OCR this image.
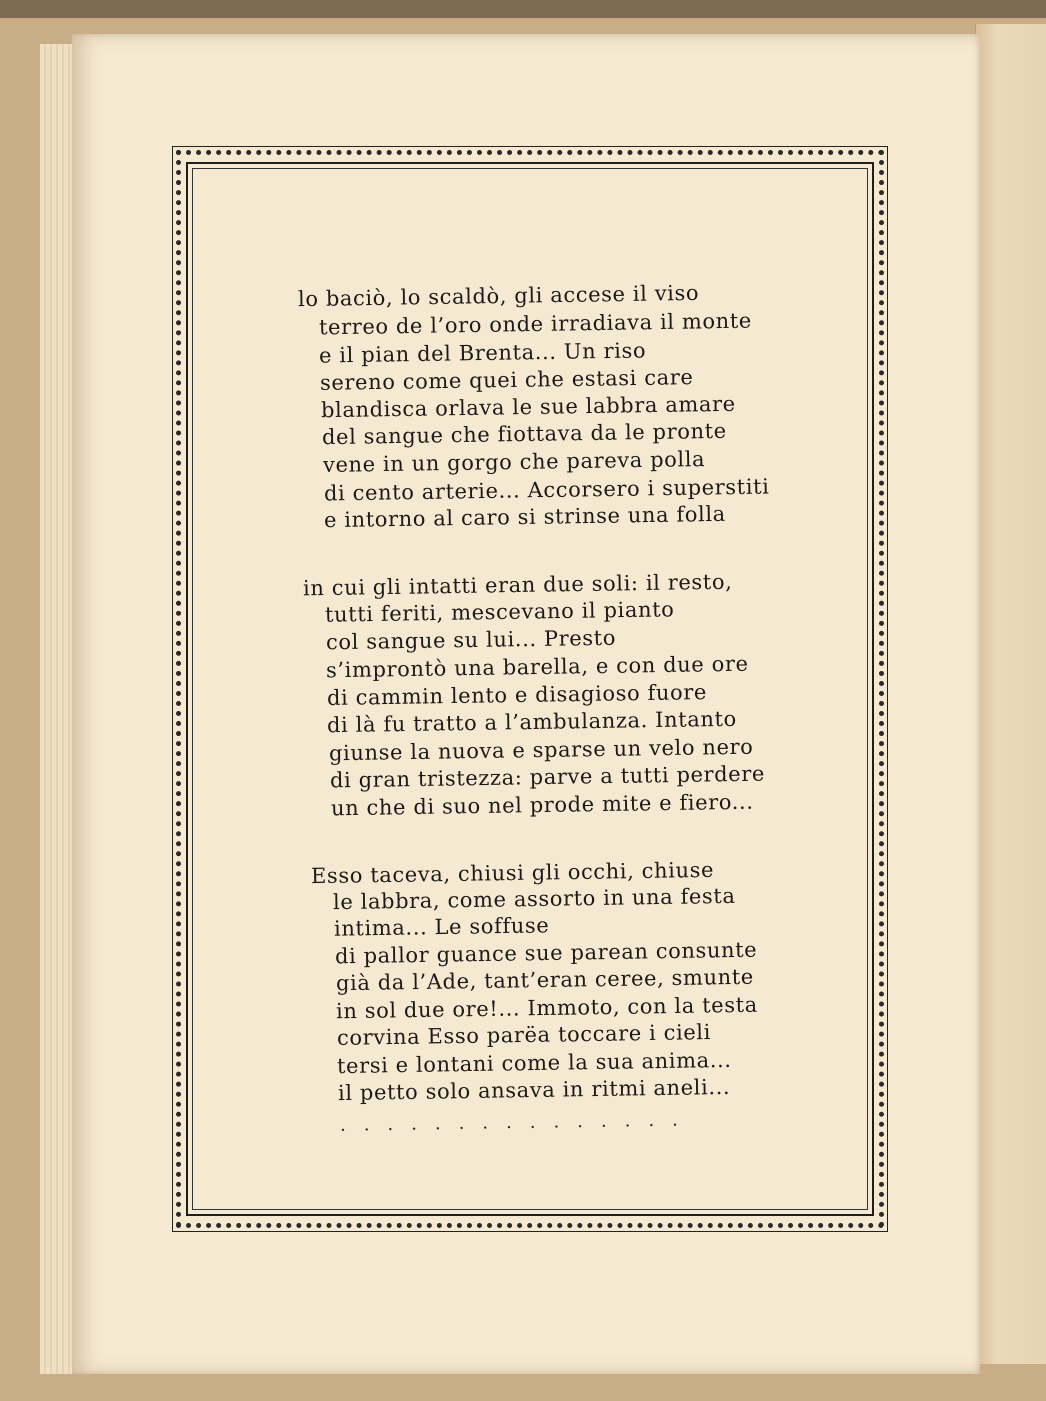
lo baciò, lo scaldò, gli accese il viso
terreo de l’oro onde irradiava il monte
e il pian del Brenta... Un riso
sereno come quei che estasi care
blandisca orlava le sue labbra amare
del sangue che fiottava da le pronte
vene in un gorgo che pareva polla
di cento arterie... Accorsero i superstiti
e intorno al caro si strinse una folla
in cui gli intatti eran due soli: il resto,
tutti feriti, mescevano il pianto
col sangue su lui... Presto
s’improntò una barella, e con due ore
di cammin lento e disagioso fuore
di là fu tratto a l’ambulanza. Intanto
giunse la nuova e sparse un velo nero
di gran tristezza: parve a tutti perdere
un che di suo nel prode mite e fiero...
Esso taceva, chiusi gli occhi, chiuse
le labbra, come assorto in una festa
intima... Le soffuse
di pallor guance sue parean consunte
già da l’Ade, tant’eran ceree, smunte
in sol due ore!... Immoto, con la testa
corvina Esso parëa toccare i cieli
tersi e lontani come la sua anima...
il petto solo ansava in ritmi aneli...
...............
